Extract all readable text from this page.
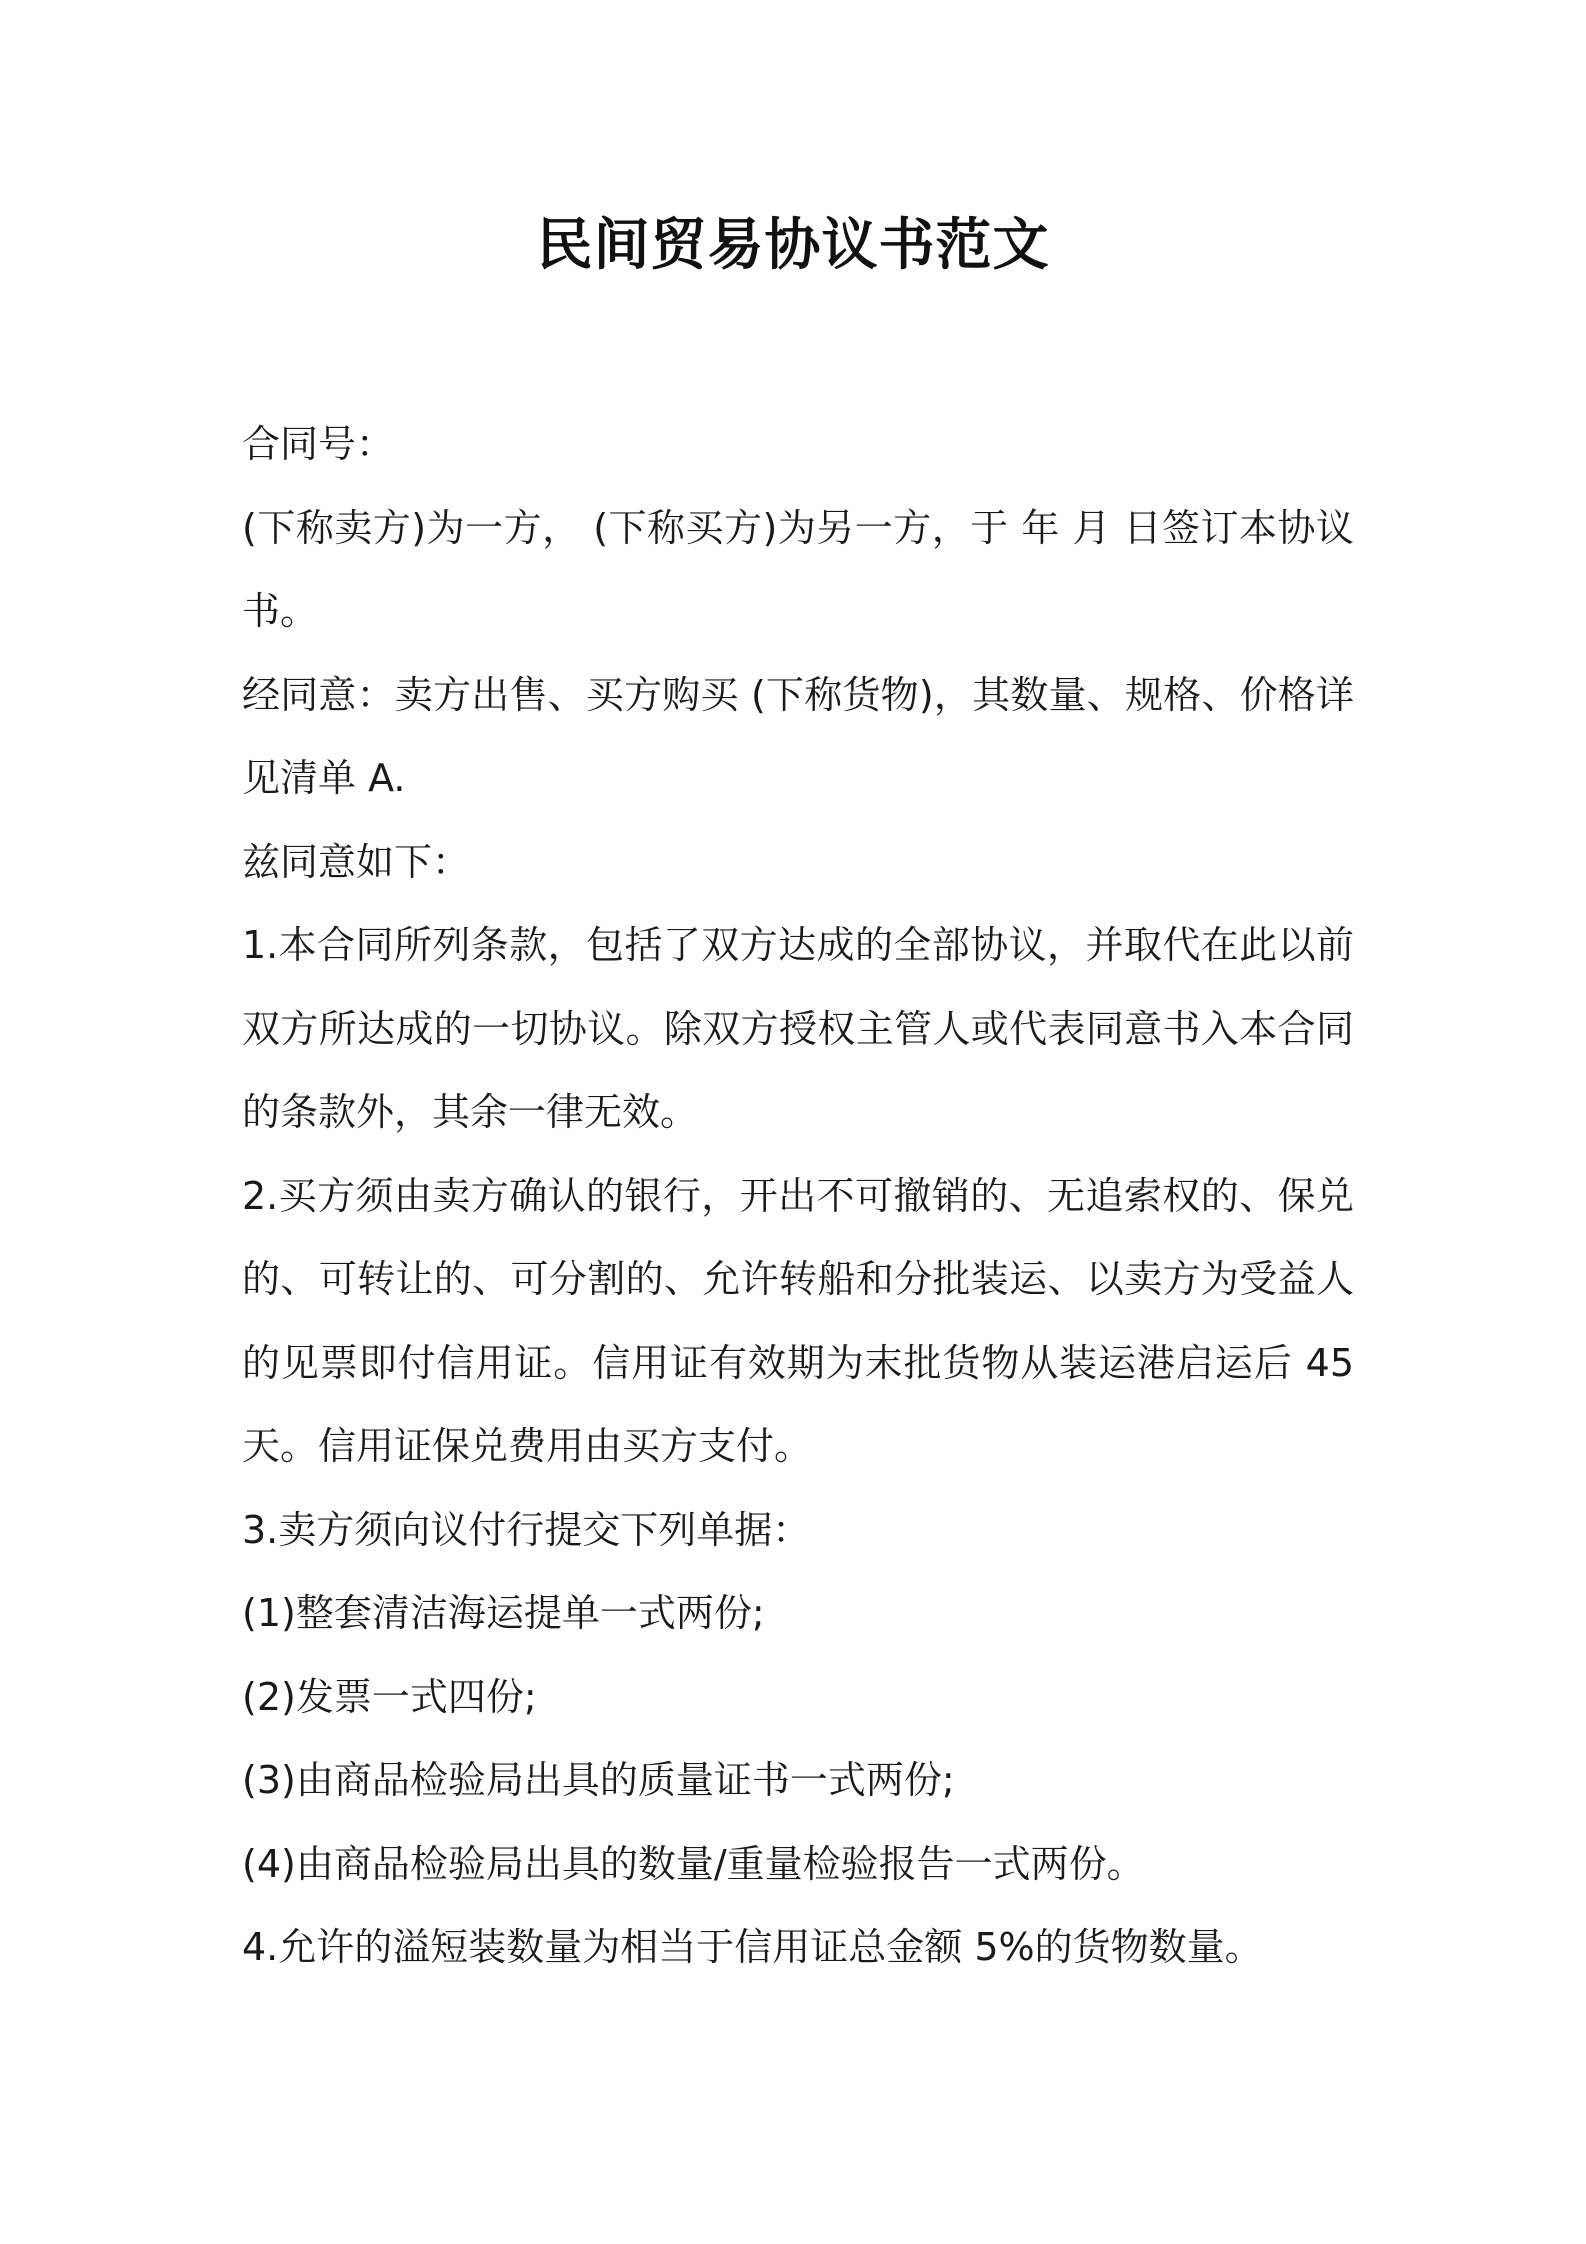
民间贸易协议书范文

合同号：

(下称卖方)为一方， (下称买方)为另一方，于 年 月 日签订本协议书。

经同意：卖方出售、买方购买 (下称货物)，其数量、规格、价格详见清单 A.

兹同意如下：

1.本合同所列条款，包括了双方达成的全部协议，并取代在此以前双方所达成的一切协议。除双方授权主管人或代表同意书入本合同的条款外，其余一律无效。

2.买方须由卖方确认的银行，开出不可撤销的、无追索权的、保兑的、可转让的、可分割的、允许转船和分批装运、以卖方为受益人的见票即付信用证。信用证有效期为末批货物从装运港启运后 45 天。信用证保兑费用由买方支付。

3.卖方须向议付行提交下列单据：

(1)整套清洁海运提单一式两份;

(2)发票一式四份;

(3)由商品检验局出具的质量证书一式两份;

(4)由商品检验局出具的数量/重量检验报告一式两份。

4.允许的溢短装数量为相当于信用证总金额 5%的货物数量。
